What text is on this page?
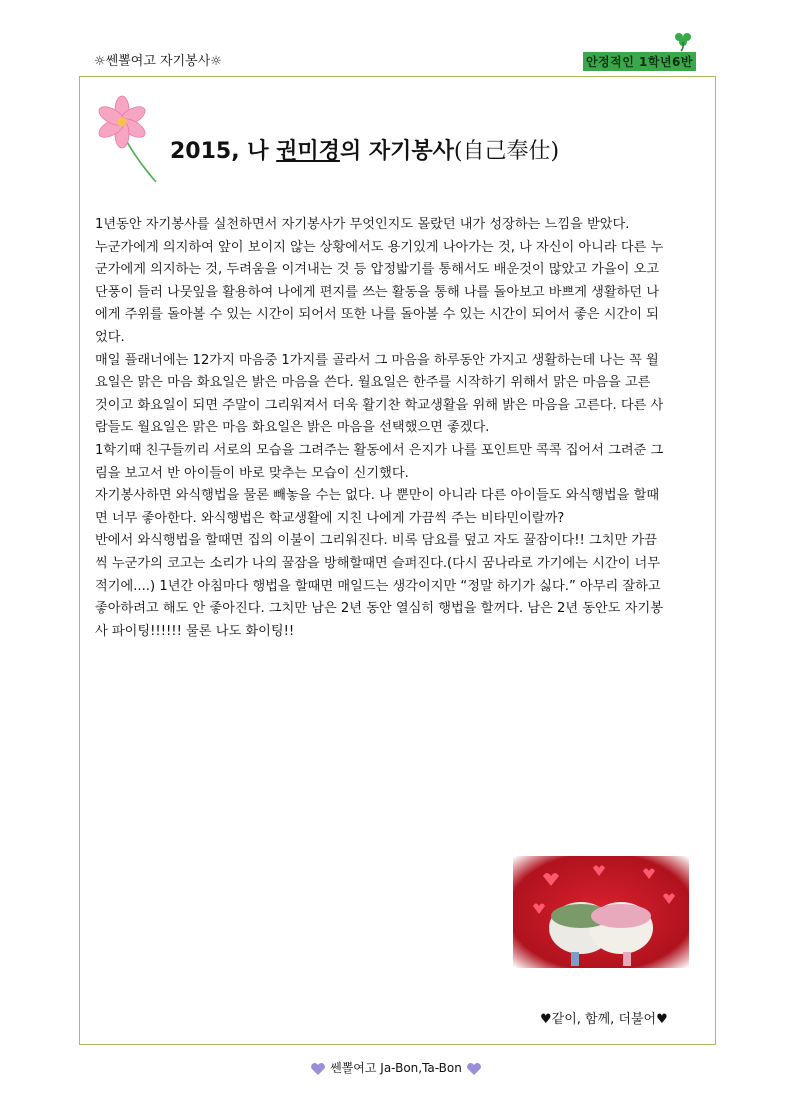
☼쎈뽈여고 자기봉사☼	안정적인 1학년6반
2015, 나 권미경의 자기봉사(自己奉仕)

1년동안 자기봉사를 실천하면서 자기봉사가 무엇인지도 몰랐던 내가 성장하는 느낌을 받았다.

누군가에게 의지하여 앞이 보이지 않는 상황에서도 용기있게 나아가는 것, 나 자신이 아니라 다른 누군가에게 의지하는 것, 두려움을 이겨내는 것 등 압정밟기를 통해서도 배운것이 많았고 가을이 오고 단풍이 들러 나뭇잎을 활용하여 나에게 편지를 쓰는 활동을 통해 나를 돌아보고 바쁘게 생활하던 나에게 주위를 돌아볼 수 있는 시간이 되어서 또한 나를 돌아볼 수 있는 시간이 되어서 좋은 시간이 되었다.

매일 플래너에는 12가지 마음중 1가지를 골라서 그 마음을 하루동안 가지고 생활하는데 나는 꼭 월요일은 맑은 마음 화요일은 밝은 마음을 쓴다. 월요일은 한주를 시작하기 위해서 맑은 마음을 고른 것이고 화요일이 되면 주말이 그리워져서 더욱 활기찬 학교생활을 위해 밝은 마음을 고른다. 다른 사람들도 월요일은 맑은 마음 화요일은 밝은 마음을 선택했으면 좋겠다.

1학기때 친구들끼리 서로의 모습을 그려주는 활동에서 은지가 나를 포인트만 콕콕 집어서 그려준 그림을 보고서 반 아이들이 바로 맞추는 모습이 신기했다.

자기봉사하면 와식행법을 물론 빼놓을 수는 없다. 나 뿐만이 아니라 다른 아이들도 와식행법을 할때면 너무 좋아한다. 와식행법은 학교생활에 지친 나에게 가끔씩 주는 비타민이랄까?

반에서 와식행법을 할때면 집의 이불이 그리워진다. 비록 담요를 덮고 자도 꿀잠이다!! 그치만 가끔씩 누군가의 코고는 소리가 나의 꿀잠을 방해할때면 슬퍼진다.(다시 꿈나라로 가기에는 시간이 너무 적기에....) 1년간 아침마다 행법을 할때면 매일드는 생각이지만 “정말 하기가 싫다.” 아무리 잘하고 좋아하려고 해도 안 좋아진다. 그치만 남은 2년 동안 열심히 행법을 할꺼다. 남은 2년 동안도 자기봉사 파이팅!!!!!! 물론 나도 화이팅!!

♥같이, 함께, 더불어♥
쎈뽈여고 Ja-Bon,Ta-Bon
